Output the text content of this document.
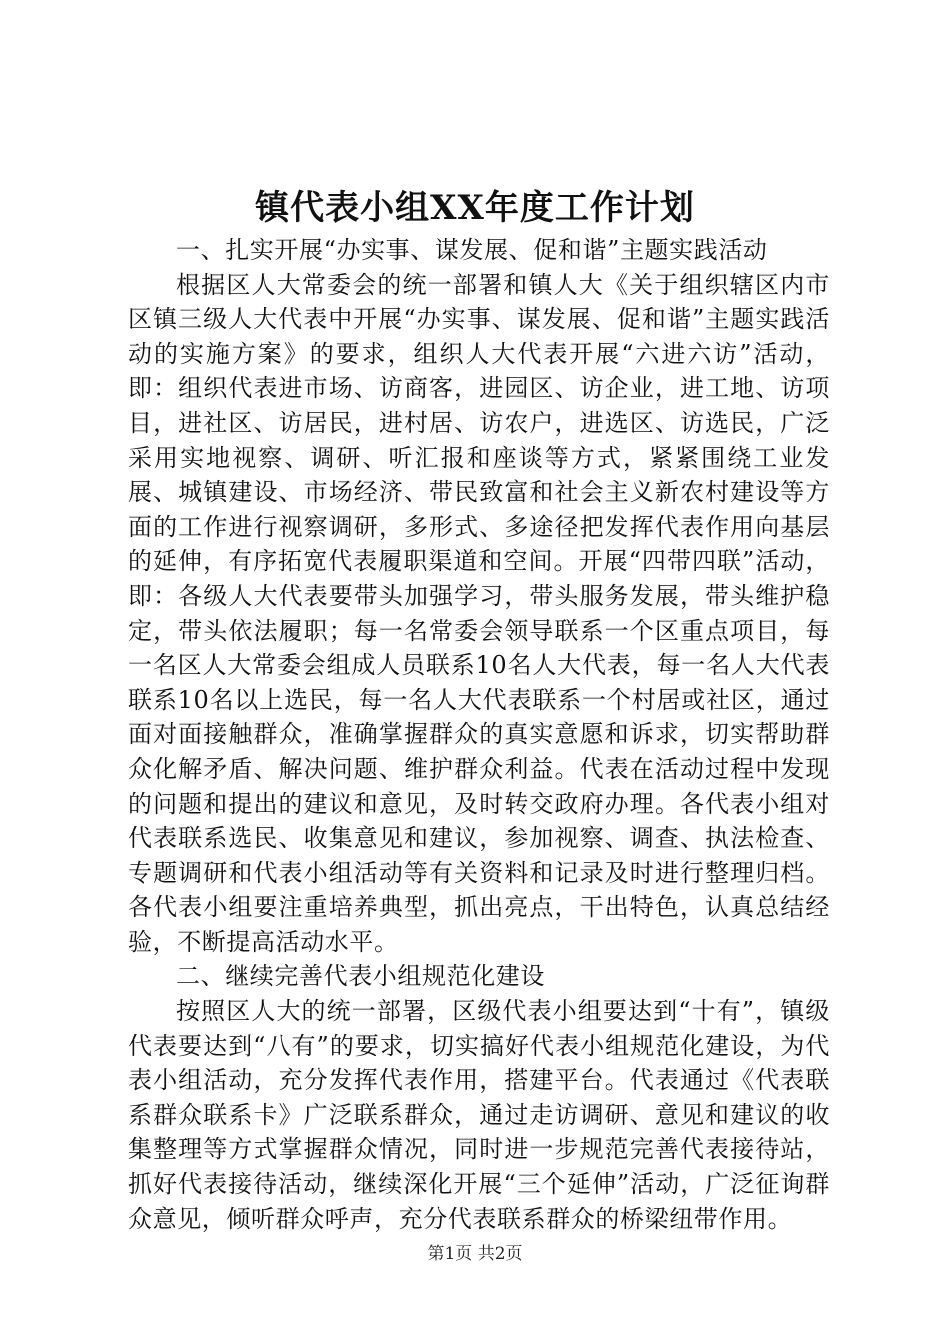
镇代表小组XX年度工作计划

一、扎实开展“办实事、谋发展、促和谐”主题实践活动

根据区人大常委会的统一部署和镇人大《关于组织辖区内市区镇三级人大代表中开展“办实事、谋发展、促和谐”主题实践活动的实施方案》的要求，组织人大代表开展“六进六访”活动，即：组织代表进市场、访商客，进园区、访企业，进工地、访项目，进社区、访居民，进村居、访农户，进选区、访选民，广泛采用实地视察、调研、听汇报和座谈等方式，紧紧围绕工业发展、城镇建设、市场经济、带民致富和社会主义新农村建设等方面的工作进行视察调研，多形式、多途径把发挥代表作用向基层的延伸，有序拓宽代表履职渠道和空间。开展“四带四联”活动，即：各级人大代表要带头加强学习，带头服务发展，带头维护稳定，带头依法履职；每一名常委会领导联系一个区重点项目，每一名区人大常委会组成人员联系10名人大代表，每一名人大代表联系10名以上选民，每一名人大代表联系一个村居或社区，通过面对面接触群众，准确掌握群众的真实意愿和诉求，切实帮助群众化解矛盾、解决问题、维护群众利益。代表在活动过程中发现的问题和提出的建议和意见，及时转交政府办理。各代表小组对代表联系选民、收集意见和建议，参加视察、调查、执法检查、专题调研和代表小组活动等有关资料和记录及时进行整理归档。各代表小组要注重培养典型，抓出亮点，干出特色，认真总结经验，不断提高活动水平。

二、继续完善代表小组规范化建设

按照区人大的统一部署，区级代表小组要达到“十有”，镇级代表要达到“八有”的要求，切实搞好代表小组规范化建设，为代表小组活动，充分发挥代表作用，搭建平台。代表通过《代表联系群众联系卡》广泛联系群众，通过走访调研、意见和建议的收集整理等方式掌握群众情况，同时进一步规范完善代表接待站，抓好代表接待活动，继续深化开展“三个延伸”活动，广泛征询群众意见，倾听群众呼声，充分代表联系群众的桥梁纽带作用。

第1页 共2页
